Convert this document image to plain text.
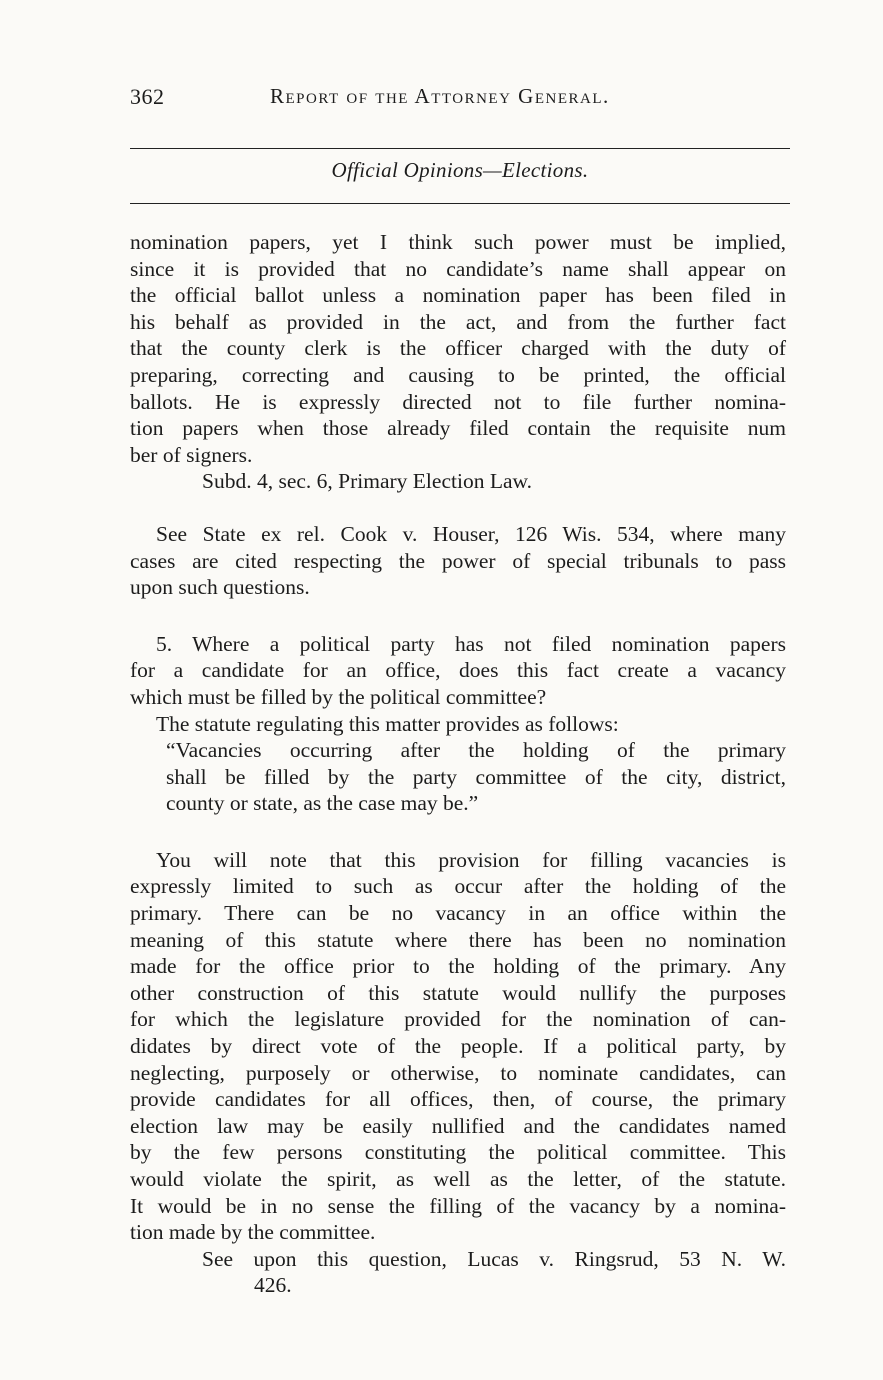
362	Report of the Attorney General.
Official Opinions—Elections.
nomination papers, yet I think such power must be implied,
since it is provided that no candidate’s name shall appear on
the official ballot unless a nomination paper has been filed in
his behalf as provided in the act, and from the further fact
that the county clerk is the officer charged with the duty of
preparing, correcting and causing to be printed, the official
ballots. He is expressly directed not to file further nomina-
tion papers when those already filed contain the requisite num
ber of signers.
Subd. 4, sec. 6, Primary Election Law.
See State ex rel. Cook v. Houser, 126 Wis. 534, where many
cases are cited respecting the power of special tribunals to pass
upon such questions.
5. Where a political party has not filed nomination papers
for a candidate for an office, does this fact create a vacancy
which must be filled by the political committee?
The statute regulating this matter provides as follows:
“Vacancies occurring after the holding of the primary
shall be filled by the party committee of the city, district,
county or state, as the case may be.”
You will note that this provision for filling vacancies is
expressly limited to such as occur after the holding of the
primary. There can be no vacancy in an office within the
meaning of this statute where there has been no nomination
made for the office prior to the holding of the primary. Any
other construction of this statute would nullify the purposes
for which the legislature provided for the nomination of can-
didates by direct vote of the people. If a political party, by
neglecting, purposely or otherwise, to nominate candidates, can
provide candidates for all offices, then, of course, the primary
election law may be easily nullified and the candidates named
by the few persons constituting the political committee. This
would violate the spirit, as well as the letter, of the statute.
It would be in no sense the filling of the vacancy by a nomina-
tion made by the committee.
See upon this question, Lucas v. Ringsrud, 53 N. W.
426.
